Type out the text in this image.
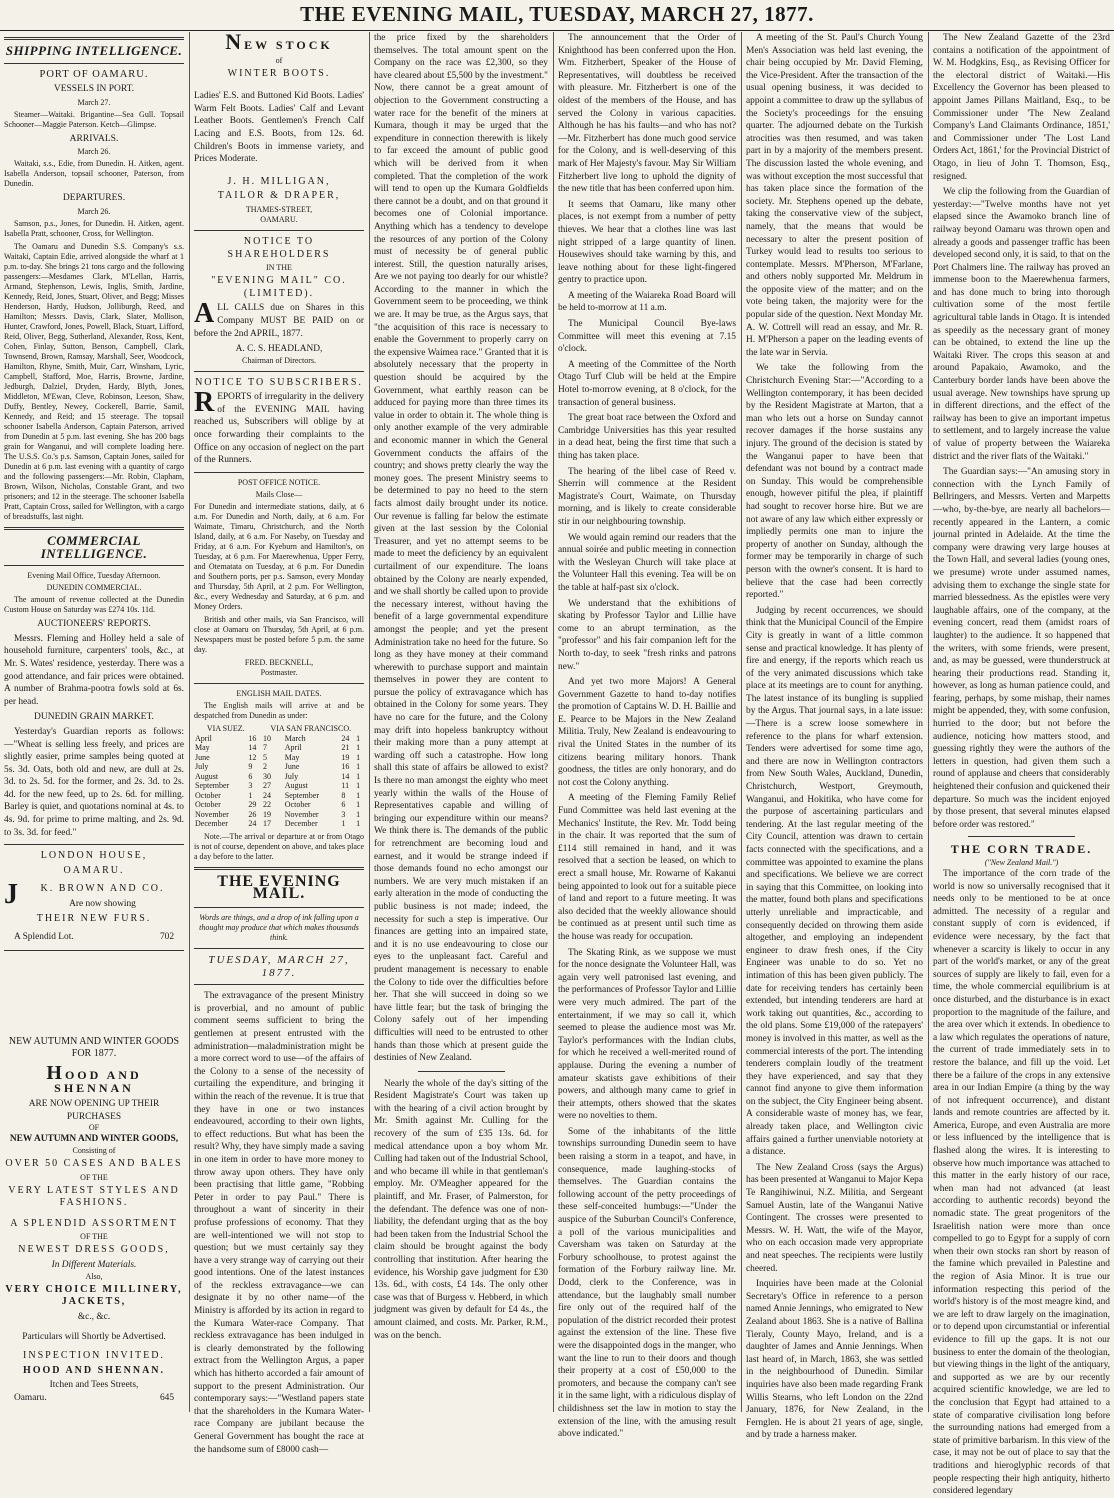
THE EVENING MAIL, TUESDAY, MARCH 27, 1877.
SHIPPING INTELLIGENCE.
PORT OF OAMARU.
VESSELS IN PORT.
March 27.

Steamer—Waitaki. Brigantine—Sea Gull. Topsail Schooner—Maggie Paterson. Ketch—Glimpse.

ARRIVALS.
March 26.

Waitaki, s.s., Edie, from Dunedin. H. Aitken, agent. Isabella Anderson, topsail schooner, Paterson, from Dunedin.

DEPARTURES.
March 26.

Samson, p.s., Jones, for Dunedin. H. Aitken, agent. Isabella Pratt, schooner, Cross, for Wellington.

The Oamaru and Dunedin S.S. Company's s.s. Waitaki, Captain Edie, arrived alongside the wharf at 1 p.m. to-day. She brings 21 tons cargo and the following passengers:—Mesdames Clark, M'Lellan, Harris, Armand, Stephenson, Lewis, Inglis, Smith, Jardine, Kennedy, Reid, Jones, Stuart, Oliver, and Begg; Misses Henderson, Hardy, Hudson, Jolliburgh, Reed, and Hamilton; Messrs. Davis, Clark, Slater, Mollison, Hunter, Crawford, Jones, Powell, Black, Stuart, Lifford, Reid, Oliver, Begg, Sutherland, Alexander, Ross, Kent, Cohen, Finlay, Sutton, Benson, Campbell, Clark, Townsend, Brown, Ramsay, Marshall, Seer, Woodcock, Hamilton, Rhyne, Smith, Muir, Carr, Winsham, Lyric, Campbell, Stafford, Moe, Harris, Browne, Jardine, Jedburgh, Dalziel, Dryden, Hardy, Blyth, Jones, Middleton, M'Ewan, Cleve, Robinson, Leeson, Shaw, Duffy, Bentley, Newey, Cockerell, Barrie, Samil, Kennedy, and Reid; and 15 steerage. The topsail schooner Isabella Anderson, Captain Paterson, arrived from Dunedin at 5 p.m. last evening. She has 200 bags grain for Wanganui, and will complete loading here. The U.S.S. Co.'s p.s. Samson, Captain Jones, sailed for Dunedin at 6 p.m. last evening with a quantity of cargo and the following passengers:—Mr. Robin, Clapham, Brown, Wilson, Nicholas, Constable Grant, and two prisoners; and 12 in the steerage. The schooner Isabella Pratt, Captain Cross, sailed for Wellington, with a cargo of breadstuffs, last night.

COMMERCIAL INTELLIGENCE.
Evening Mail Office, Tuesday Afternoon.
DUNEDIN COMMERCIAL.

The amount of revenue collected at the Dunedin Custom House on Saturday was £274 10s. 11d.

AUCTIONEERS' REPORTS.

Messrs. Fleming and Holley held a sale of household furniture, carpenters' tools, &c., at Mr. S. Wates' residence, yesterday. There was a good attendance, and fair prices were obtained. A number of Brahma-pootra fowls sold at 6s. per head.

DUNEDIN GRAIN MARKET.

Yesterday's Guardian reports as follows:—"Wheat is selling less freely, and prices are slightly easier, prime samples being quoted at 5s. 3d. Oats, both old and new, are dull at 2s. 3d. to 2s. 5d. for the former, and 2s. 3d. to 2s. 4d. for the new feed, up to 2s. 6d. for milling. Barley is quiet, and quotations nominal at 4s. to 4s. 9d. for prime to prime malting, and 2s. 9d. to 3s. 3d. for feed."

LONDON HOUSE,
OAMARU.
J	K. BROWN AND CO.
Are now showing
THEIR NEW FURS.
A Splendid Lot.	702
NEW AUTUMN AND WINTER GOODS FOR 1877.
HOOD AND SHENNAN
ARE NOW OPENING UP THEIR PURCHASES
OF
NEW AUTUMN AND WINTER GOODS,
Consisting of
OVER 50 CASES AND BALES
OF THE
VERY LATEST STYLES AND FASHIONS.
A SPLENDID ASSORTMENT
OF THE
NEWEST DRESS GOODS,
In Different Materials.
Also,
VERY CHOICE MILLINERY, JACKETS,
&c., &c.
Particulars will Shortly be Advertised.
INSPECTION INVITED.
HOOD AND SHENNAN.
Itchen and Tees Streets,
Oamaru.	645
NEW STOCK
of
WINTER BOOTS.

Ladies' E.S. and Buttoned Kid Boots. Ladies' Warm Felt Boots. Ladies' Calf and Levant Leather Boots. Gentlemen's French Calf Lacing and E.S. Boots, from 12s. 6d. Children's Boots in immense variety, and Prices Moderate.

J. H. MILLIGAN,
TAILOR & DRAPER,
THAMES-STREET,
OAMARU.
NOTICE TO SHAREHOLDERS
IN THE
"EVENING MAIL" CO. (LIMITED).

ALL CALLS due on Shares in this Company MUST BE PAID on or before the 2nd APRIL, 1877.

A. C. S. HEADLAND,
Chairman of Directors.
NOTICE TO SUBSCRIBERS.

REPORTS of irregularity in the delivery of the EVENING MAIL having reached us, Subscribers will oblige by at once forwarding their complaints to the Office on any occasion of neglect on the part of the Runners.

POST OFFICE NOTICE.
Mails Close—

For Dunedin and intermediate stations, daily, at 6 a.m. For Dunedin and North, daily, at 6 a.m. For Waimate, Timaru, Christchurch, and the North Island, daily, at 6 a.m. For Naseby, on Tuesday and Friday, at 6 a.m. For Kyeburn and Hamilton's, on Tuesday, at 6 p.m. For Maerewhenua, Upper Ferry, and Otematata on Tuesday, at 6 p.m. For Dunedin and Southern ports, per p.s. Samson, every Monday and Thursday, 5th April, at 2 p.m. For Wellington, &c., every Wednesday and Saturday, at 6 p.m. and Money Orders.

British and other mails, via San Francisco, will close at Oamaru on Thursday, 5th April, at 6 p.m. Newspapers must be posted before 5 p.m. the same day.

FRED. BECKNELL,
Postmaster.
ENGLISH MAIL DATES.

The English mails will arrive at and be despatched from Dunedin as under:

VIA SUEZ.	VIA SAN FRANCISCO.
April	16	10	March	24	1
May	14	7	April	21	1
June	12	5	May	19	1
July	9	2	June	16	1
August	6	30	July	14	1
September	3	27	August	11	1
October	1	24	September	8	1
October	29	22	October	6	1
November	26	19	November	3	1
December	24	17	December	1	1

Note.—The arrival or departure at or from Otago is not of course, dependent on above, and takes place a day before to the latter.

THE EVENING MAIL.

Words are things, and a drop of ink falling upon a thought may produce that which makes thousands think.

TUESDAY, MARCH 27, 1877.

The extravagance of the present Ministry is proverbial, and no amount of public comment seems sufficient to bring the gentlemen at present entrusted with the administration—maladministration might be a more correct word to use—of the affairs of the Colony to a sense of the necessity of curtailing the expenditure, and bringing it within the reach of the revenue. It is true that they have in one or two instances endeavoured, according to their own lights, to effect reductions. But what has been the result? Why, they have simply made a saving in one item in order to have more money to throw away upon others. They have only been practising that little game, "Robbing Peter in order to pay Paul." There is throughout a want of sincerity in their profuse professions of economy. That they are well-intentioned we will not stop to question; but we must certainly say they have a very strange way of carrying out their good intentions. One of the latest instances of the reckless extravagance—we can designate it by no other name—of the Ministry is afforded by its action in regard to the Kumara Water-race Company. That reckless extravagance has been indulged in is clearly demonstrated by the following extract from the Wellington Argus, a paper which has hitherto accorded a fair amount of support to the present Administration. Our contemporary says:—"Westland papers state that the shareholders in the Kumara Water-race Company are jubilant because the General Government has bought the race at the handsome sum of £8000 cash—

the price fixed by the shareholders themselves. The total amount spent on the Company on the race was £2,300, so they have cleared about £5,500 by the investment." Now, there cannot be a great amount of objection to the Government constructing a water race for the benefit of the miners at Kumara, though it may be urged that the expenditure in connection therewith is likely to far exceed the amount of public good which will be derived from it when completed. That the completion of the work will tend to open up the Kumara Goldfields there cannot be a doubt, and on that ground it becomes one of Colonial importance. Anything which has a tendency to develope the resources of any portion of the Colony must of necessity be of general public interest. Still, the question naturally arises, Are we not paying too dearly for our whistle? According to the manner in which the Government seem to be proceeding, we think we are. It may be true, as the Argus says, that "the acquisition of this race is necessary to enable the Government to properly carry on the expensive Waimea race." Granted that it is absolutely necessary that the property in question should be acquired by the Government, what earthly reason can be adduced for paying more than three times its value in order to obtain it. The whole thing is only another example of the very admirable and economic manner in which the General Government conducts the affairs of the country; and shows pretty clearly the way the money goes. The present Ministry seems to be determined to pay no heed to the stern facts almost daily brought under its notice. Our revenue is falling far below the estimate given at the last session by the Colonial Treasurer, and yet no attempt seems to be made to meet the deficiency by an equivalent curtailment of our expenditure. The loans obtained by the Colony are nearly expended, and we shall shortly be called upon to provide the necessary interest, without having the benefit of a large governmental expenditure amongst the people; and yet the present Administration take no heed for the future. So long as they have money at their command wherewith to purchase support and maintain themselves in power they are content to pursue the policy of extravagance which has obtained in the Colony for some years. They have no care for the future, and the Colony may drift into hopeless bankruptcy without their making more than a puny attempt at warding off such a catastrophe. How long shall this state of affairs be allowed to exist? Is there no man amongst the eighty who meet yearly within the walls of the House of Representatives capable and willing of bringing our expenditure within our means? We think there is. The demands of the public for retrenchment are becoming loud and earnest, and it would be strange indeed if those demands found no echo amongst our numbers. We are very much mistaken if an early alteration in the mode of conducting the public business is not made; indeed, the necessity for such a step is imperative. Our finances are getting into an impaired state, and it is no use endeavouring to close our eyes to the unpleasant fact. Careful and prudent management is necessary to enable the Colony to tide over the difficulties before her. That she will succeed in doing so we have little fear; but the task of bringing the Colony safely out of her impending difficulties will need to be entrusted to other hands than those which at present guide the destinies of New Zealand.

Nearly the whole of the day's sitting of the Resident Magistrate's Court was taken up with the hearing of a civil action brought by Mr. Smith against Mr. Culling for the recovery of the sum of £35 13s. 6d. for medical attendance upon a boy whom Mr. Culling had taken out of the Industrial School, and who became ill while in that gentleman's employ. Mr. O'Meagher appeared for the plaintiff, and Mr. Fraser, of Palmerston, for the defendant. The defence was one of non-liability, the defendant urging that as the boy had been taken from the Industrial School the claim should be brought against the body controlling that institution. After hearing the evidence, his Worship gave judgment for £30 13s. 6d., with costs, £4 14s. The only other case was that of Burgess v. Hebberd, in which judgment was given by default for £4 4s., the amount claimed, and costs. Mr. Parker, R.M., was on the bench.

The announcement that the Order of Knighthood has been conferred upon the Hon. Wm. Fitzherbert, Speaker of the House of Representatives, will doubtless be received with pleasure. Mr. Fitzherbert is one of the oldest of the members of the House, and has served the Colony in various capacities. Although he has his faults—and who has not?—Mr. Fitzherbert has done much good service for the Colony, and is well-deserving of this mark of Her Majesty's favour. May Sir William Fitzherbert live long to uphold the dignity of the new title that has been conferred upon him.

It seems that Oamaru, like many other places, is not exempt from a number of petty thieves. We hear that a clothes line was last night stripped of a large quantity of linen. Housewives should take warning by this, and leave nothing about for these light-fingered gentry to practice upon.

A meeting of the Waiareka Road Board will be held to-morrow at 11 a.m.

The Municipal Council Bye-laws Committee will meet this evening at 7.15 o'clock.

A meeting of the Committee of the North Otago Turf Club will be held at the Empire Hotel to-morrow evening, at 8 o'clock, for the transaction of general business.

The great boat race between the Oxford and Cambridge Universities has this year resulted in a dead heat, being the first time that such a thing has taken place.

The hearing of the libel case of Reed v. Sherrin will commence at the Resident Magistrate's Court, Waimate, on Thursday morning, and is likely to create considerable stir in our neighbouring township.

We would again remind our readers that the annual soirée and public meeting in connection with the Wesleyan Church will take place at the Volunteer Hall this evening. Tea will be on the table at half-past six o'clock.

We understand that the exhibitions of skating by Professor Taylor and Lillie have come to an abrupt termination, as the "professor" and his fair companion left for the North to-day, to seek "fresh rinks and patrons new."

And yet two more Majors! A General Government Gazette to hand to-day notifies the promotion of Captains W. D. H. Baillie and E. Pearce to be Majors in the New Zealand Militia. Truly, New Zealand is endeavouring to rival the United States in the number of its citizens bearing military honors. Thank goodness, the titles are only honorary, and do not cost the Colony anything.

A meeting of the Fleming Family Relief Fund Committee was held last evening at the Mechanics' Institute, the Rev. Mr. Todd being in the chair. It was reported that the sum of £114 still remained in hand, and it was resolved that a section be leased, on which to erect a small house, Mr. Rowarne of Kakanui being appointed to look out for a suitable piece of land and report to a future meeting. It was also decided that the weekly allowance should be continued as at present until such time as the house was ready for occupation.

The Skating Rink, as we suppose we must for the nonce designate the Volunteer Hall, was again very well patronised last evening, and the performances of Professor Taylor and Lillie were very much admired. The part of the entertainment, if we may so call it, which seemed to please the audience most was Mr. Taylor's performances with the Indian clubs, for which he received a well-merited round of applause. During the evening a number of amateur skatists gave exhibitions of their powers, and although many came to grief in their attempts, others showed that the skates were no novelties to them.

Some of the inhabitants of the little townships surrounding Dunedin seem to have been raising a storm in a teapot, and have, in consequence, made laughing-stocks of themselves. The Guardian contains the following account of the petty proceedings of these self-conceited humbugs:—"Under the auspice of the Suburban Council's Conference, a poll of the various municipalities and Caversham was taken on Saturday at the Forbury schoolhouse, to protest against the formation of the Forbury railway line. Mr. Dodd, clerk to the Conference, was in attendance, but the laughably small number fire only out of the required half of the population of the district recorded their protest against the extension of the line. These five were the disappointed dogs in the manger, who want the line to run to their doors and though their property at a cost of £50,000 to the promoters, and because the company can't see it in the same light, with a ridiculous display of childishness set the law in motion to stay the extension of the line, with the amusing result above indicated."

A meeting of the St. Paul's Church Young Men's Association was held last evening, the chair being occupied by Mr. David Fleming, the Vice-President. After the transaction of the usual opening business, it was decided to appoint a committee to draw up the syllabus of the Society's proceedings for the ensuing quarter. The adjourned debate on the Turkish atrocities was then resumed, and was taken part in by a majority of the members present. The discussion lasted the whole evening, and was without exception the most successful that has taken place since the formation of the society. Mr. Stephens opened up the debate, taking the conservative view of the subject, namely, that the means that would be necessary to alter the present position of Turkey would lead to results too serious to contemplate. Messrs. M'Pherson, M'Farlane, and others nobly supported Mr. Meldrum in the opposite view of the matter; and on the vote being taken, the majority were for the popular side of the question. Next Monday Mr. A. W. Cottrell will read an essay, and Mr. R. H. M'Pherson a paper on the leading events of the late war in Servia.

We take the following from the Christchurch Evening Star:—"According to a Wellington contemporary, it has been decided by the Resident Magistrate at Marton, that a man who lets out a horse on Sunday cannot recover damages if the horse sustains any injury. The ground of the decision is stated by the Wanganui paper to have been that defendant was not bound by a contract made on Sunday. This would be comprehensible enough, however pitiful the plea, if plaintiff had sought to recover horse hire. But we are not aware of any law which either expressly or impliedly permits one man to injure the property of another on Sunday, although the former may be temporarily in charge of such person with the owner's consent. It is hard to believe that the case had been correctly reported."

Judging by recent occurrences, we should think that the Municipal Council of the Empire City is greatly in want of a little common sense and practical knowledge. It has plenty of fire and energy, if the reports which reach us of the very animated discussions which take place at its meetings are to count for anything. The latest instance of its bungling is supplied by the Argus. That journal says, in a late issue:—There is a screw loose somewhere in reference to the plans for wharf extension. Tenders were advertised for some time ago, and there are now in Wellington contractors from New South Wales, Auckland, Dunedin, Christchurch, Westport, Greymouth, Wanganui, and Hokitika, who have come for the purpose of ascertaining particulars and tendering. At the last regular meeting of the City Council, attention was drawn to certain facts connected with the specifications, and a committee was appointed to examine the plans and specifications. We believe we are correct in saying that this Committee, on looking into the matter, found both plans and specifications utterly unreliable and impracticable, and consequently decided on throwing them aside altogether, and employing an independent engineer to draw fresh ones, if the City Engineer was unable to do so. Yet no intimation of this has been given publicly. The date for receiving tenders has certainly been extended, but intending tenderers are hard at work taking out quantities, &c., according to the old plans. Some £19,000 of the ratepayers' money is involved in this matter, as well as the commercial interests of the port. The intending tenderers complain loudly of the treatment they have experienced, and say that they cannot find anyone to give them information on the subject, the City Engineer being absent. A considerable waste of money has, we fear, already taken place, and Wellington civic affairs gained a further unenviable notoriety at a distance.

The New Zealand Cross (says the Argus) has been presented at Wanganui to Major Kepa Te Rangihiwinui, N.Z. Militia, and Sergeant Samuel Austin, late of the Wanganui Native Contingent. The crosses were presented to Messrs. W. H. Watt, the wife of the Mayor, who on each occasion made very appropriate and neat speeches. The recipients were lustily cheered.

Inquiries have been made at the Colonial Secretary's Office in reference to a person named Annie Jennings, who emigrated to New Zealand about 1863. She is a native of Ballina Tieraly, County Mayo, Ireland, and is a daughter of James and Annie Jennings. When last heard of, in March, 1863, she was settled in the neighbourhood of Dunedin. Similar inquiries have also been made regarding Frank Willis Stearns, who left London on the 22nd January, 1876, for New Zealand, in the Fernglen. He is about 21 years of age, single, and by trade a harness maker.

The New Zealand Gazette of the 23rd contains a notification of the appointment of W. M. Hodgkins, Esq., as Revising Officer for the electoral district of Waitaki.—His Excellency the Governor has been pleased to appoint James Pillans Maitland, Esq., to be Commissioner under 'The New Zealand Company's Land Claimants Ordinance, 1851,' and Commissioner under 'The Lost Land Orders Act, 1861,' for the Provincial District of Otago, in lieu of John T. Thomson, Esq., resigned.

We clip the following from the Guardian of yesterday:—"Twelve months have not yet elapsed since the Awamoko branch line of railway beyond Oamaru was thrown open and already a goods and passenger traffic has been developed second only, it is said, to that on the Port Chalmers line. The railway has proved an immense boon to the Maerewhenua farmers, and has done much to bring into thorough cultivation some of the most fertile agricultural table lands in Otago. It is intended as speedily as the necessary grant of money can be obtained, to extend the line up the Waitaki River. The crops this season at and around Papakaio, Awamoko, and the Canterbury border lands have been above the usual average. New townships have sprung up in different directions, and the effect of the railway has been to give an important impetus to settlement, and to largely increase the value of value of property between the Waiareka district and the river flats of the Waitaki."

The Guardian says:—"An amusing story in connection with the Lynch Family of Bellringers, and Messrs. Verten and Marpetts—who, by-the-bye, are nearly all bachelors—recently appeared in the Lantern, a comic journal printed in Adelaide. At the time the company were drawing very large houses at the Town Hall, and several ladies (young ones, we presume) wrote under assumed names, advising them to exchange the single state for married blessedness. As the epistles were very laughable affairs, one of the company, at the evening concert, read them (amidst roars of laughter) to the audience. It so happened that the writers, with some friends, were present, and, as may be guessed, were thunderstruck at hearing their productions read. Standing it, however, as long as human patience could, and fearing, perhaps, by some mishap, their names might be appended, they, with some confusion, hurried to the door; but not before the audience, noticing how matters stood, and guessing rightly they were the authors of the letters in question, had given them such a round of applause and cheers that considerably heightened their confusion and quickened their departure. So much was the incident enjoyed by those present, that several minutes elapsed before order was restored."

THE CORN TRADE.
("New Zealand Mail.")

The importance of the corn trade of the world is now so universally recognised that it needs only to be mentioned to be at once admitted. The necessity of a regular and constant supply of corn is evidenced, if evidence were necessary, by the fact that whenever a scarcity is likely to occur in any part of the world's market, or any of the great sources of supply are likely to fail, even for a time, the whole commercial equilibrium is at once disturbed, and the disturbance is in exact proportion to the magnitude of the failure, and the area over which it extends. In obedience to a law which regulates the operations of nature, the current of trade immediately sets in to restore the balance, and fill up the void. Let there be a failure of the crops in any extensive area in our Indian Empire (a thing by the way of not infrequent occurrence), and distant lands and remote countries are affected by it. America, Europe, and even Australia are more or less influenced by the intelligence that is flashed along the wires. It is interesting to observe how much importance was attached to this matter in the early history of our race, when man had not advanced (at least according to authentic records) beyond the nomadic state. The great progenitors of the Israelitish nation were more than once compelled to go to Egypt for a supply of corn when their own stocks ran short by reason of the famine which prevailed in Palestine and the region of Asia Minor. It is true our information respecting this period of the world's history is of the most meagre kind, and we are left to draw largely on the imagination, or to depend upon circumstantial or inferential evidence to fill up the gaps. It is not our business to enter the domain of the theologian, but viewing things in the light of the antiquary, and supported as we are by our recently acquired scientific knowledge, we are led to the conclusion that Egypt had attained to a state of comparative civilisation long before the surrounding nations had emerged from a state of primitive barbarism. In this view of the case, it may not be out of place to say that the traditions and hieroglyphic records of that people respecting their high antiquity, hitherto considered legendary
